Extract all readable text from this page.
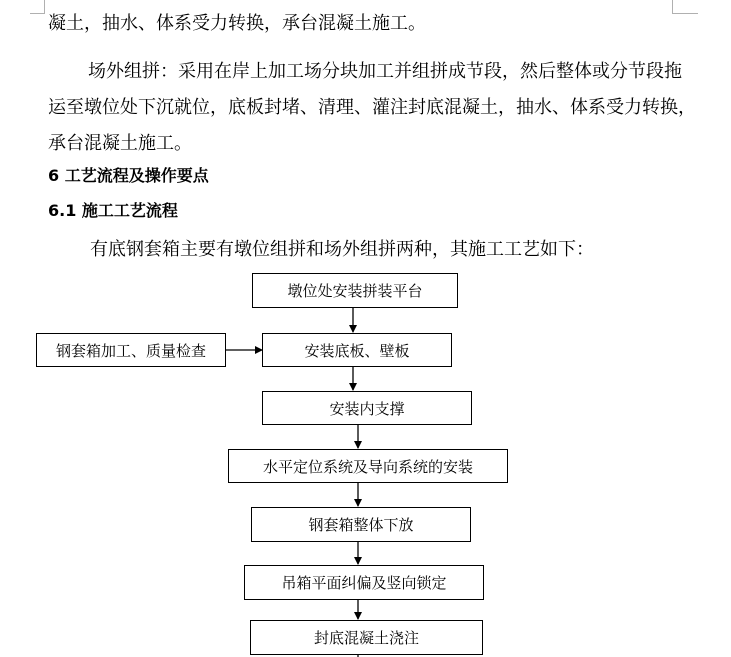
凝土，抽水、体系受力转换，承台混凝土施工。

场外组拼：采用在岸上加工场分块加工并组拼成节段，然后整体或分节段拖

运至墩位处下沉就位，底板封堵、清理、灌注封底混凝土，抽水、体系受力转换，

承台混凝土施工。

6 工艺流程及操作要点
6.1 施工工艺流程

有底钢套箱主要有墩位组拼和场外组拼两种，其施工工艺如下：

钢套箱加工、质量检查
墩位处安装拼装平台
安装底板、壁板
安装内支撑
水平定位系统及导向系统的安装
钢套箱整体下放
吊箱平面纠偏及竖向锁定
封底混凝土浇注
